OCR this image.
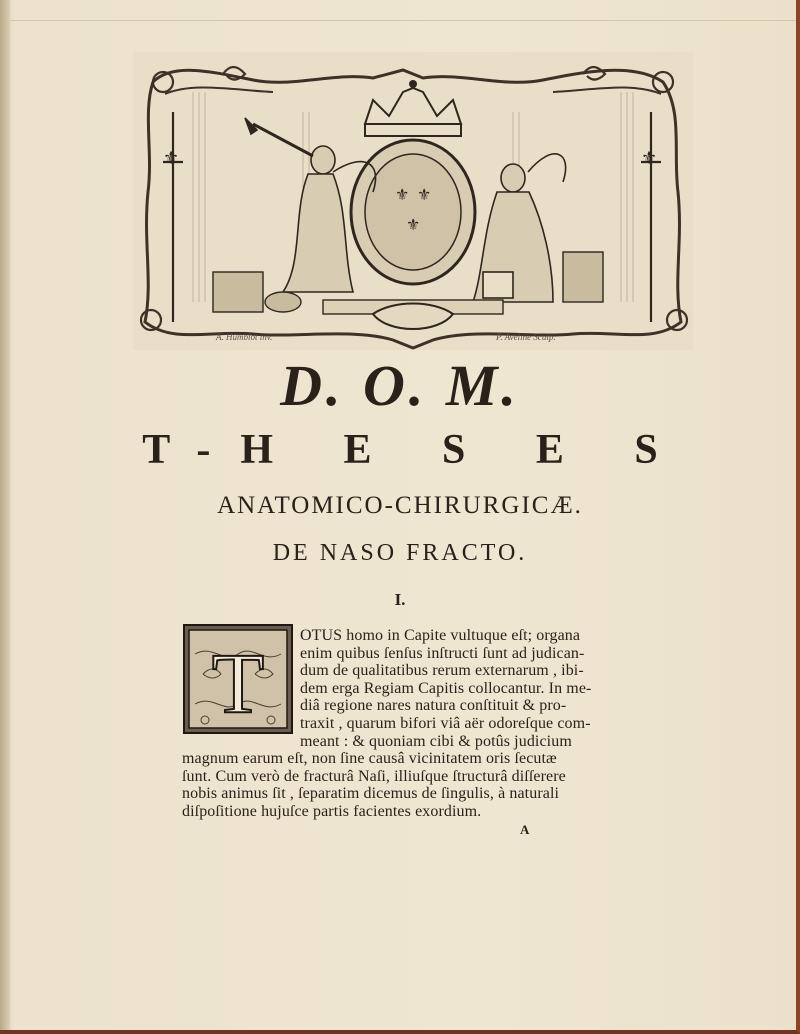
⚜ ⚜
⚜
⚜	⚜
A. Humblot inv.	P. Aveline Sculp.
D. O. M.
T-H E S E S
ANATOMICO-CHIRURGICÆ.
DE NASO FRACTO.
I.
T OTUS homo in Capite vultuque eſt; organa
enim quibus ſenſus inſtructi ſunt ad judican-
dum de qualitatibus rerum externarum , ibi-
dem erga Regiam Capitis collocantur. In me-
diâ regione nares natura conſtituit & pro-
traxit , quarum bifori viâ aër odoreſque com-
meant : & quoniam cibi & potûs judicium
magnum earum eſt, non ſine causâ vicinitatem oris ſecutæ
ſunt. Cum verò de fracturâ Naſi, illiuſque ſtructurâ diſſerere
nobis animus ſit , ſeparatim dicemus de ſingulis, à naturali
diſpoſitione hujuſce partis facientes exordium.
A
